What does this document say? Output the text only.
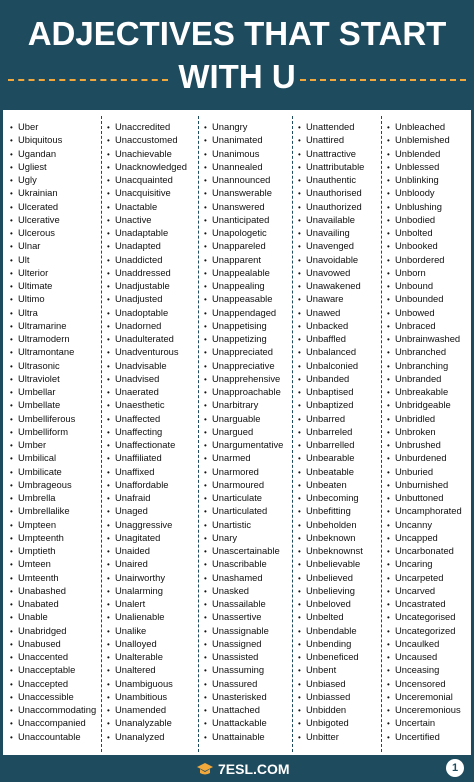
ADJECTIVES THAT START
WITH U
• Uber
• Ubiquitous
• Ugandan
• Ugliest
• Ugly
• Ukrainian
• Ulcerated
• Ulcerative
• Ulcerous
• Ulnar
• Ult
• Ulterior
• Ultimate
• Ultimo
• Ultra
• Ultramarine
• Ultramodern
• Ultramontane
• Ultrasonic
• Ultraviolet
• Umbellar
• Umbellate
• Umbelliferous
• Umbelliform
• Umber
• Umbilical
• Umbilicate
• Umbrageous
• Umbrella
• Umbrellalike
• Umpteen
• Umpteenth
• Umptieth
• Umteen
• Umteenth
• Unabashed
• Unabated
• Unable
• Unabridged
• Unabused
• Unaccented
• Unacceptable
• Unaccepted
• Unaccessible
• Unaccommodating
• Unaccompanied
• Unaccountable
• Unaccredited
• Unaccustomed
• Unachievable
• Unacknowledged
• Unacquainted
• Unacquisitive
• Unactable
• Unactive
• Unadaptable
• Unadapted
• Unaddicted
• Unaddressed
• Unadjustable
• Unadjusted
• Unadoptable
• Unadorned
• Unadulterated
• Unadventurous
• Unadvisable
• Unadvised
• Unaerated
• Unaesthetic
• Unaffected
• Unaffecting
• Unaffectionate
• Unaffiliated
• Unaffixed
• Unaffordable
• Unafraid
• Unaged
• Unaggressive
• Unagitated
• Unaided
• Unaired
• Unairworthy
• Unalarming
• Unalert
• Unalienable
• Unalike
• Unalloyed
• Unalterable
• Unaltered
• Unambiguous
• Unambitious
• Unamended
• Unanalyzable
• Unanalyzed
• Unangry
• Unanimated
• Unanimous
• Unannealed
• Unannounced
• Unanswerable
• Unanswered
• Unanticipated
• Unapologetic
• Unappareled
• Unapparent
• Unappealable
• Unappealing
• Unappeasable
• Unappendaged
• Unappetising
• Unappetizing
• Unappreciated
• Unappreciative
• Unapprehensive
• Unapproachable
• Unarbitrary
• Unarguable
• Unargued
• Unargumentative
• Unarmed
• Unarmored
• Unarmoured
• Unarticulate
• Unarticulated
• Unartistic
• Unary
• Unascertainable
• Unascribable
• Unashamed
• Unasked
• Unassailable
• Unassertive
• Unassignable
• Unassigned
• Unassisted
• Unassuming
• Unassured
• Unasterisked
• Unattached
• Unattackable
• Unattainable
• Unattended
• Unattired
• Unattractive
• Unattributable
• Unauthentic
• Unauthorised
• Unauthorized
• Unavailable
• Unavailing
• Unavenged
• Unavoidable
• Unavowed
• Unawakened
• Unaware
• Unawed
• Unbacked
• Unbaffled
• Unbalanced
• Unbalconied
• Unbanded
• Unbaptised
• Unbaptized
• Unbarred
• Unbarreled
• Unbarrelled
• Unbearable
• Unbeatable
• Unbeaten
• Unbecoming
• Unbefitting
• Unbeholden
• Unbeknown
• Unbeknownst
• Unbelievable
• Unbelieved
• Unbelieving
• Unbeloved
• Unbelted
• Unbendable
• Unbending
• Unbeneficed
• Unbent
• Unbiased
• Unbiassed
• Unbidden
• Unbigoted
• Unbitter
• Unbleached
• Unblemished
• Unblended
• Unblessed
• Unblinking
• Unbloody
• Unblushing
• Unbodied
• Unbolted
• Unbooked
• Unbordered
• Unborn
• Unbound
• Unbounded
• Unbowed
• Unbraced
• Unbrainwashed
• Unbranched
• Unbranching
• Unbranded
• Unbreakable
• Unbridgeable
• Unbridled
• Unbroken
• Unbrushed
• Unburdened
• Unburied
• Unburnished
• Unbuttoned
• Uncamphorated
• Uncanny
• Uncapped
• Uncarbonated
• Uncaring
• Uncarpeted
• Uncarved
• Uncastrated
• Uncategorised
• Uncategorized
• Uncaulked
• Uncaused
• Unceasing
• Uncensored
• Unceremonial
• Unceremonious
• Uncertain
• Uncertified
7ESL.COM	1
